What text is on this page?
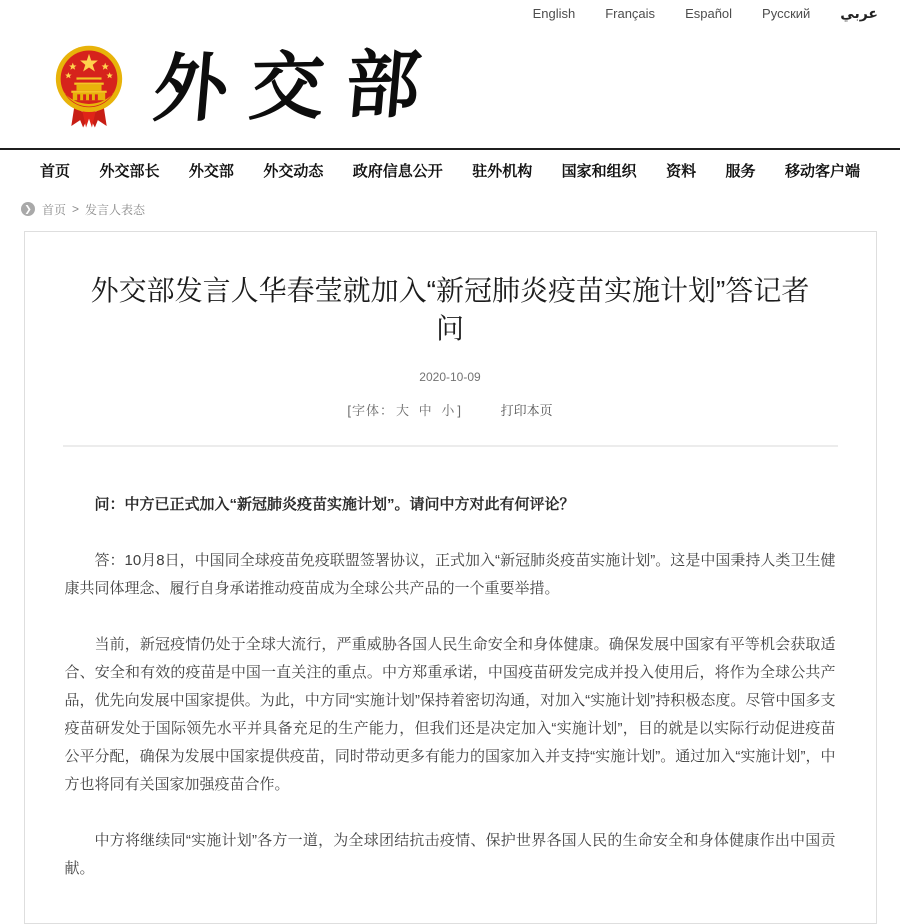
English Français Español Русский عربي
外交部
首页 外交部长 外交部 外交动态 政府信息公开 驻外机构 国家和组织 资料 服务 移动客户端
❯ 首页 > 发言人表态
外交部发言人华春莹就加入“新冠肺炎疫苗实施计划”答记者问
2020-10-09
[字体： 大 中 小 ]	打印本页

问：中方已正式加入“新冠肺炎疫苗实施计划”。请问中方对此有何评论？

答：10月8日，中国同全球疫苗免疫联盟签署协议，正式加入“新冠肺炎疫苗实施计划”。这是中国秉持人类卫生健康共同体理念、履行自身承诺推动疫苗成为全球公共产品的一个重要举措。

当前，新冠疫情仍处于全球大流行，严重威胁各国人民生命安全和身体健康。确保发展中国家有平等机会获取适合、安全和有效的疫苗是中国一直关注的重点。中方郑重承诺，中国疫苗研发完成并投入使用后，将作为全球公共产品，优先向发展中国家提供。为此，中方同“实施计划”保持着密切沟通，对加入“实施计划”持积极态度。尽管中国多支疫苗研发处于国际领先水平并具备充足的生产能力，但我们还是决定加入“实施计划”，目的就是以实际行动促进疫苗公平分配，确保为发展中国家提供疫苗，同时带动更多有能力的国家加入并支持“实施计划”。通过加入“实施计划”，中方也将同有关国家加强疫苗合作。

中方将继续同“实施计划”各方一道，为全球团结抗击疫情、保护世界各国人民的生命安全和身体健康作出中国贡献。
